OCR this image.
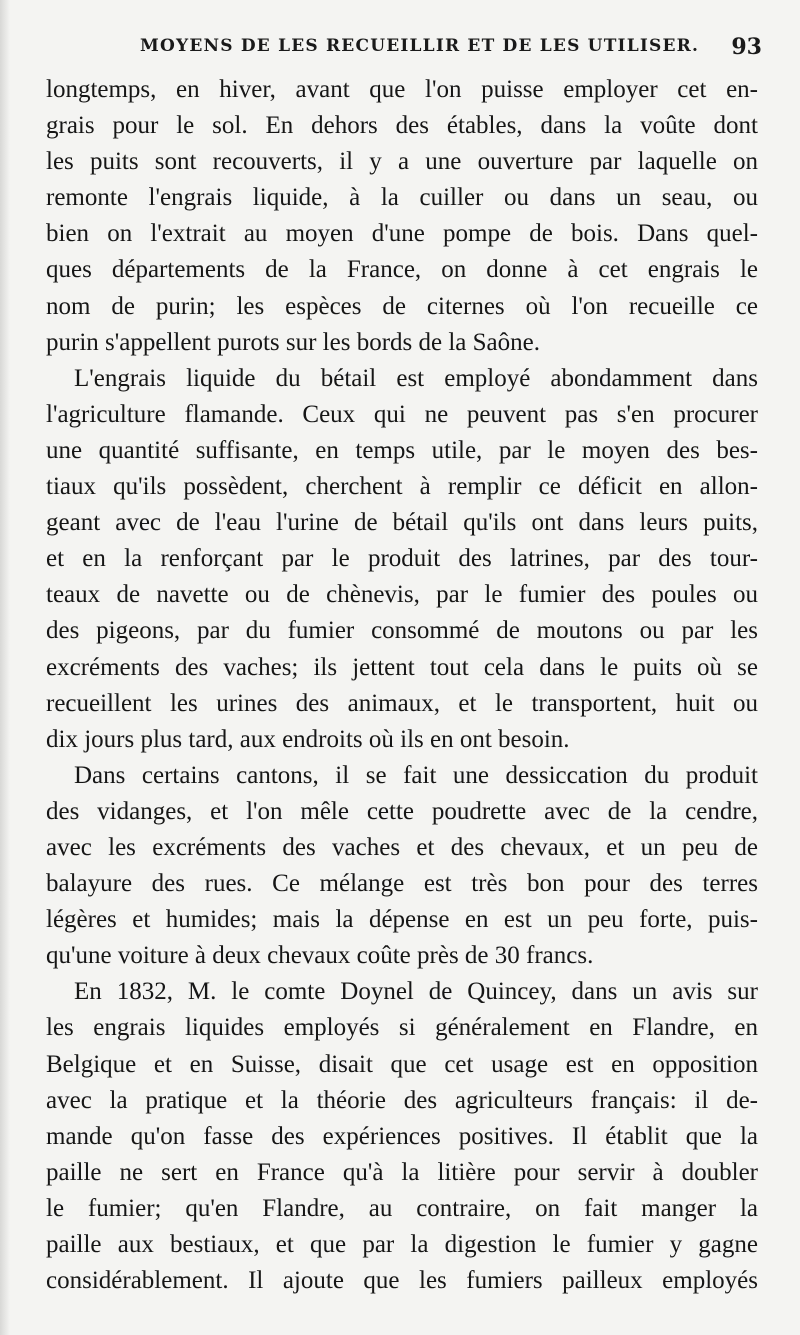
MOYENS DE LES RECUEILLIR ET DE LES UTILISER. 93
longtemps, en hiver, avant que l'on puisse employer cet en-
grais pour le sol. En dehors des étables, dans la voûte dont
les puits sont recouverts, il y a une ouverture par laquelle on
remonte l'engrais liquide, à la cuiller ou dans un seau, ou
bien on l'extrait au moyen d'une pompe de bois. Dans quel-
ques départements de la France, on donne à cet engrais le
nom de purin; les espèces de citernes où l'on recueille ce
purin s'appellent purots sur les bords de la Saône.
L'engrais liquide du bétail est employé abondamment dans
l'agriculture flamande. Ceux qui ne peuvent pas s'en procurer
une quantité suffisante, en temps utile, par le moyen des bes-
tiaux qu'ils possèdent, cherchent à remplir ce déficit en allon-
geant avec de l'eau l'urine de bétail qu'ils ont dans leurs puits,
et en la renforçant par le produit des latrines, par des tour-
teaux de navette ou de chènevis, par le fumier des poules ou
des pigeons, par du fumier consommé de moutons ou par les
excréments des vaches; ils jettent tout cela dans le puits où se
recueillent les urines des animaux, et le transportent, huit ou
dix jours plus tard, aux endroits où ils en ont besoin.
Dans certains cantons, il se fait une dessiccation du produit
des vidanges, et l'on mêle cette poudrette avec de la cendre,
avec les excréments des vaches et des chevaux, et un peu de
balayure des rues. Ce mélange est très bon pour des terres
légères et humides; mais la dépense en est un peu forte, puis-
qu'une voiture à deux chevaux coûte près de 30 francs.
En 1832, M. le comte Doynel de Quincey, dans un avis sur
les engrais liquides employés si généralement en Flandre, en
Belgique et en Suisse, disait que cet usage est en opposition
avec la pratique et la théorie des agriculteurs français: il de-
mande qu'on fasse des expériences positives. Il établit que la
paille ne sert en France qu'à la litière pour servir à doubler
le fumier; qu'en Flandre, au contraire, on fait manger la
paille aux bestiaux, et que par la digestion le fumier y gagne
considérablement. Il ajoute que les fumiers pailleux employés
